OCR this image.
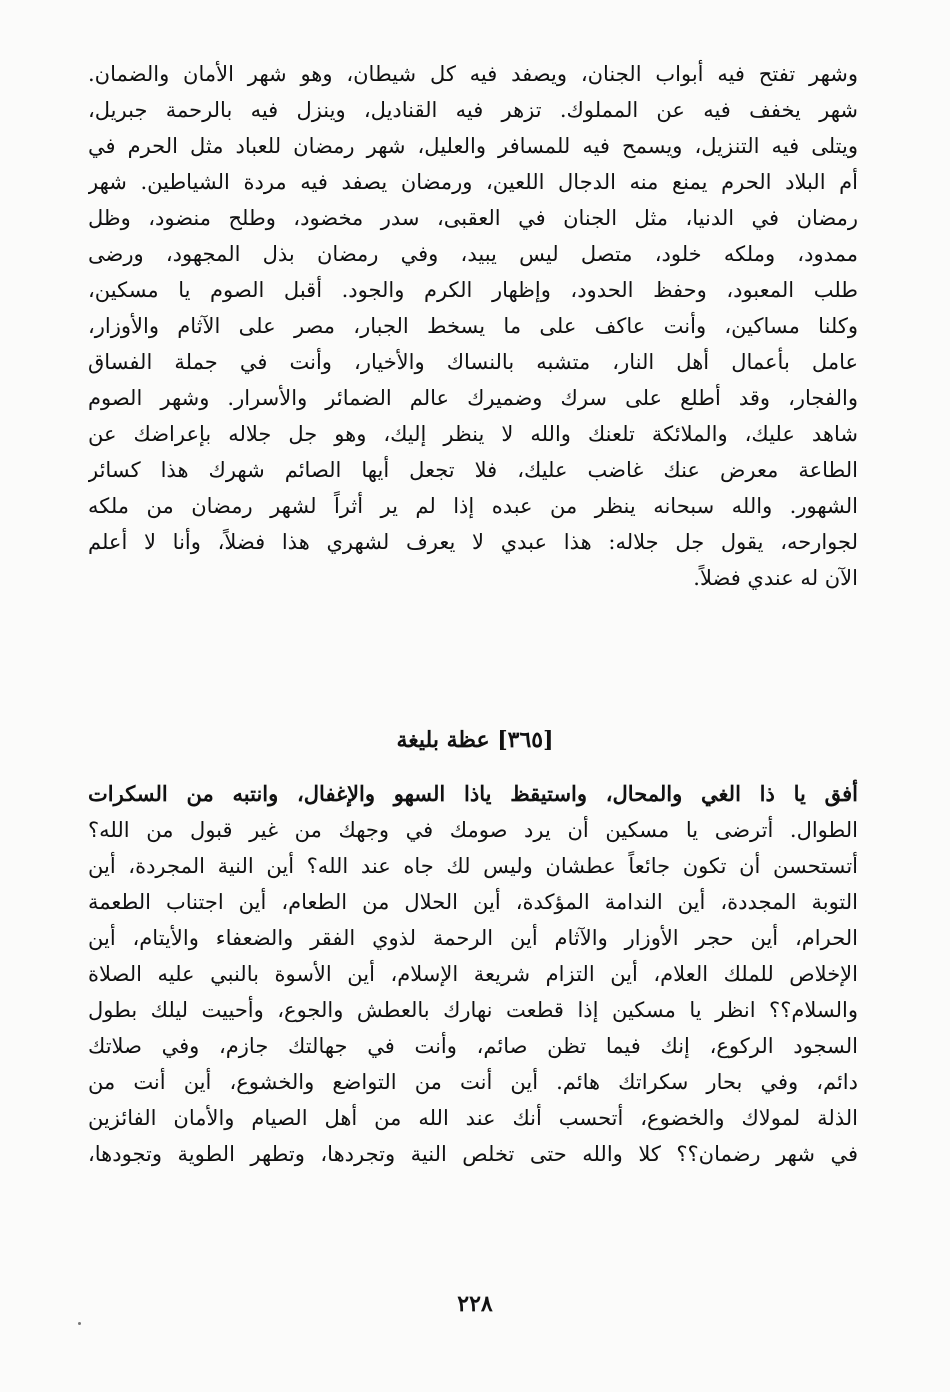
وشهر تفتح فيه أبواب الجنان، ويصفد فيه كل شيطان، وهو شهر الأمان والضمان.
شهر يخفف فيه عن المملوك. تزهر فيه القناديل، وينزل فيه بالرحمة جبريل،
ويتلى فيه التنزيل، ويسمح فيه للمسافر والعليل، شهر رمضان للعباد مثل الحرم في
أم البلاد الحرم يمنع منه الدجال اللعين، ورمضان يصفد فيه مردة الشياطين. شهر
رمضان في الدنيا، مثل الجنان في العقبى، سدر مخضود، وطلح منضود، وظل
ممدود، وملكه خلود، متصل ليس يبيد، وفي رمضان بذل المجهود، ورضى
طلب المعبود، وحفظ الحدود، وإظهار الكرم والجود. أقبل الصوم يا مسكين،
وكلنا مساكين، وأنت عاكف على ما يسخط الجبار، مصر على الآثام والأوزار،
عامل بأعمال أهل النار، متشبه بالنساك والأخيار، وأنت في جملة الفساق
والفجار، وقد أطلع على سرك وضميرك عالم الضمائر والأسرار. وشهر الصوم
شاهد عليك، والملائكة تلعنك والله لا ينظر إليك، وهو جل جلاله بإعراضك عن
الطاعة معرض عنك غاضب عليك، فلا تجعل أيها الصائم شهرك هذا كسائر
الشهور. والله سبحانه ينظر من عبده إذا لم ير أثراً لشهر رمضان من ملكه
لجوارحه، يقول جل جلاله: هذا عبدي لا يعرف لشهري هذا فضلاً، وأنا لا أعلم
الآن له عندي فضلاً.
[٣٦٥] عظة بليغة
أفق يا ذا الغي والمحال، واستيقظ ياذا السهو والإغفال، وانتبه من السكرات
الطوال. أترضى يا مسكين أن يرد صومك في وجهك من غير قبول من الله؟
أتستحسن أن تكون جائعاً عطشان وليس لك جاه عند الله؟ أين النية المجردة، أين
التوبة المجددة، أين الندامة المؤكدة، أين الحلال من الطعام، أين اجتناب الطعمة
الحرام، أين حجر الأوزار والآثام أين الرحمة لذوي الفقر والضعفاء والأيتام، أين
الإخلاص للملك العلام، أين التزام شريعة الإسلام، أين الأسوة بالنبي عليه الصلاة
والسلام؟؟ انظر يا مسكين إذا قطعت نهارك بالعطش والجوع، وأحييت ليلك بطول
السجود الركوع، إنك فيما تظن صائم، وأنت في جهالتك جازم، وفي صلاتك
دائم، وفي بحار سكراتك هائم. أين أنت من التواضع والخشوع، أين أنت من
الذلة لمولاك والخضوع، أتحسب أنك عند الله من أهل الصيام والأمان الفائزين
في شهر رضمان؟؟ كلا والله حتى تخلص النية وتجردها، وتطهر الطوية وتجودها،
٢٢٨
